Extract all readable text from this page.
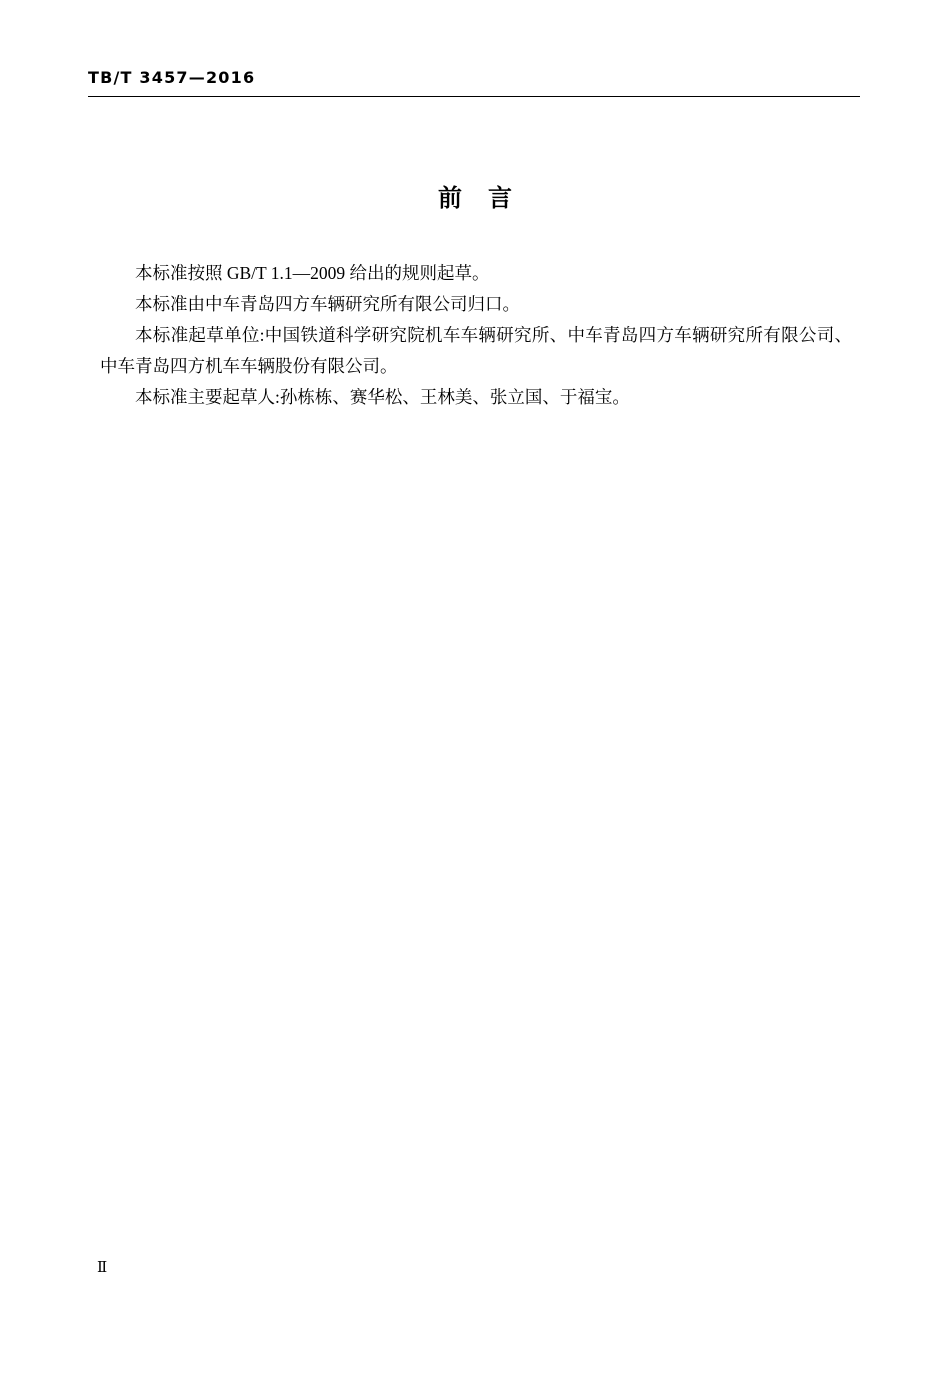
TB/T 3457—2016
前 言

本标准按照 GB/T 1.1—2009 给出的规则起草。

本标准由中车青岛四方车辆研究所有限公司归口。

本标准起草单位:中国铁道科学研究院机车车辆研究所、中车青岛四方车辆研究所有限公司、中车青岛四方机车车辆股份有限公司。

本标准主要起草人:孙栋栋、赛华松、王林美、张立国、于福宝。

Ⅱ
